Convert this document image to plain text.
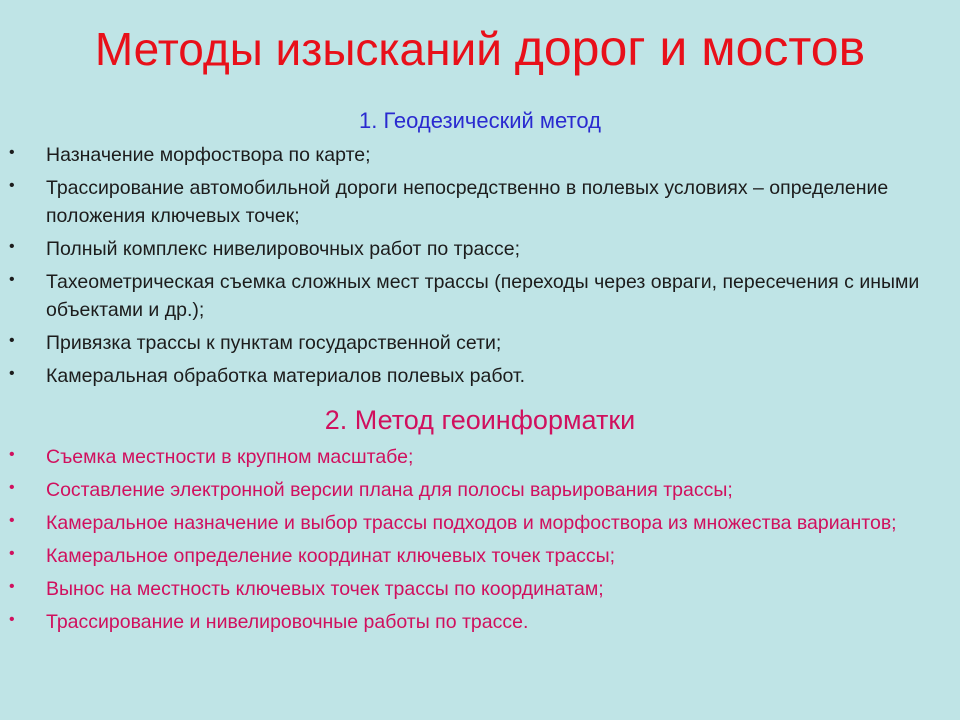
Методы изысканий дорог и мостов
1. Геодезический метод
• Назначение морфоствора по карте;
• Трассирование автомобильной дороги непосредственно в полевых условиях – определение положения ключевых точек;
• Полный комплекс нивелировочных работ по трассе;
• Тахеометрическая съемка сложных мест трассы (переходы через овраги, пересечения с иными объектами и др.);
• Привязка трассы к пунктам государственной сети;
• Камеральная обработка материалов полевых работ.
2. Метод геоинформатки
• Съемка местности в крупном масштабе;
• Составление электронной версии плана для полосы варьирования трассы;
• Камеральное назначение и выбор трассы подходов и морфоствора из множества вариантов;
• Камеральное определение координат ключевых точек трассы;
• Вынос на местность ключевых точек трассы по координатам;
• Трассирование и нивелировочные работы по трассе.
